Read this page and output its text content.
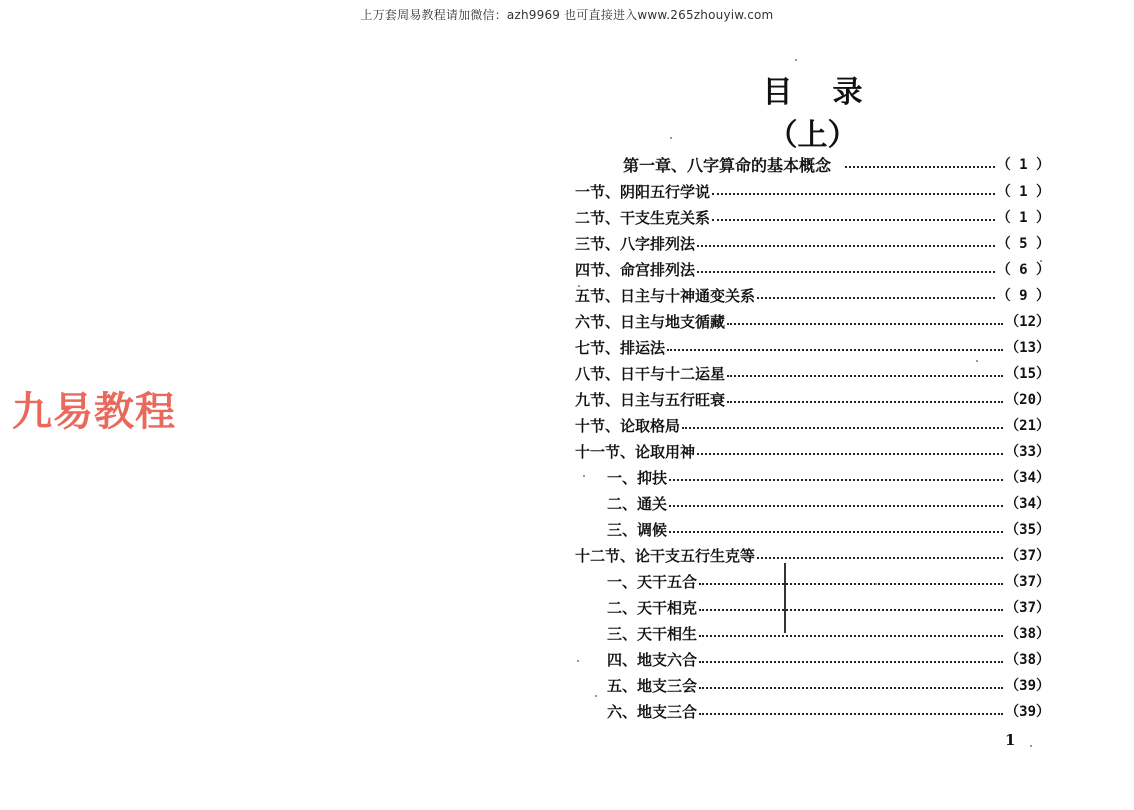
上万套周易教程请加微信：azh9969 也可直接进入www.265zhouyiw.com
九易教程
目录
（上）
第一章、八字算命的基本概念	（ 1 ）
一节、阴阳五行学说	（ 1 ）
二节、干支生克关系	（ 1 ）
三节、八字排列法	（ 5 ）
四节、命宫排列法	（ 6 ）
五节、日主与十神通变关系	（ 9 ）
六节、日主与地支循藏	（12）
七节、排运法	（13）
八节、日干与十二运星	（15）
九节、日主与五行旺衰	（20）
十节、论取格局	（21）
十一节、论取用神	（33）
一、抑扶	（34）
二、通关	（34）
三、调候	（35）
十二节、论干支五行生克等	（37）
一、天干五合	（37）
二、天干相克	（37）
三、天干相生	（38）
四、地支六合	（38）
五、地支三会	（39）
六、地支三合	（39）
1
